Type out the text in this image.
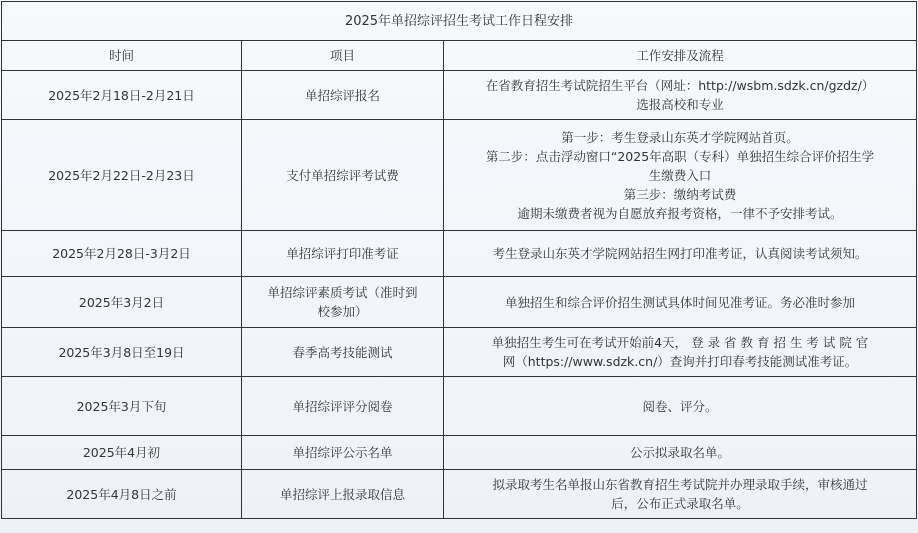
2025年单招综评招生考试工作日程安排		
时间	项目	工作安排及流程
2025年2月18日-2月21日	单招综评报名	在省教育招生考试院招生平台（网址：http://wsbm.sdzk.cn/gzdz/）
选报高校和专业

2025年2月22日-2月23日	支付单招综评考试费	第一步：考生登录山东英才学院网站首页。
第二步：点击浮动窗口“2025年高职（专科）单独招生综合评价招生学
生缴费入口
第三步：缴纳考试费
逾期未缴费者视为自愿放弃报考资格，一律不予安排考试。

2025年2月28日-3月2日	单招综评打印准考证	考生登录山东英才学院网站招生网打印准考证，认真阅读考试须知。

2025年3月2日	单招综评素质考试（准时到
校参加）	单独招生和综合评价招生测试具体时间见准考证。务必准时参加

2025年3月8日至19日	春季高考技能测试	单独招生考生可在考试开始前4天， 登 录 省 教 育 招 生 考 试 院 官
网（https://www.sdzk.cn/）查询并打印春考技能测试准考证。

2025年3月下旬	单招综评评分阅卷	阅卷、评分。

2025年4月初	单招综评公示名单	公示拟录取名单。

2025年4月8日之前	单招综评上报录取信息	拟录取考生名单报山东省教育招生考试院并办理录取手续，审核通过
后，公布正式录取名单。
